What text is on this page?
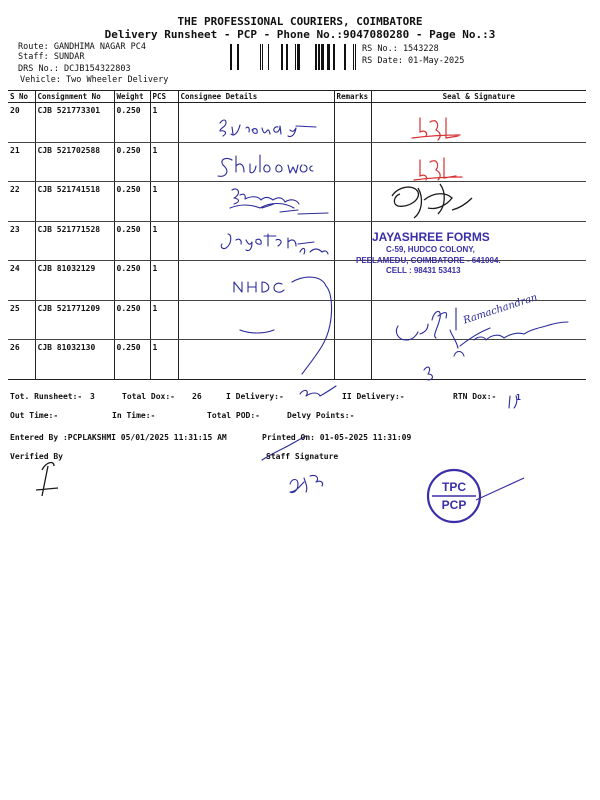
THE PROFESSIONAL COURIERS, COIMBATORE
Delivery Runsheet - PCP - Phone No.:9047080280 - Page No.:3
Route: GANDHIMA NAGAR PC4
Staff: SUNDAR
DRS No.: DCJB154322803
Vehicle: Two Wheeler Delivery
RS No.: 1543228
RS Date: 01-May-2025
S No	Consignment No	Weight	PCS	Consignee Details	Remarks	Seal & Signature
20	CJB 521773301	0.250	1			
21	CJB 521702588	0.250	1			
22	CJB 521741518	0.250	1			
23	CJB 521771528	0.250	1			
24	CJB 81032129	0.250	1			
25	CJB 521771209	0.250	1			
26	CJB 81032130	0.250	1			
TPC
PCP
JAYASHREE FORMS
C-59, HUDCO COLONY,
PEELAMEDU, COIMBATORE - 641004.
CELL : 98431 53413
Ramachandran
Tot. Runsheet:- 3	Total Dox:- 26	I Delivery:-	II Delivery:-	RTN Dox:- 1
Out Time:-	In Time:-	Total POD:-	Delvy Points:-
Entered By :PCPLAKSHMI 05/01/2025 11:31:15 AM	Printed On: 01-05-2025 11:31:09
Verified By	Staff Signature
